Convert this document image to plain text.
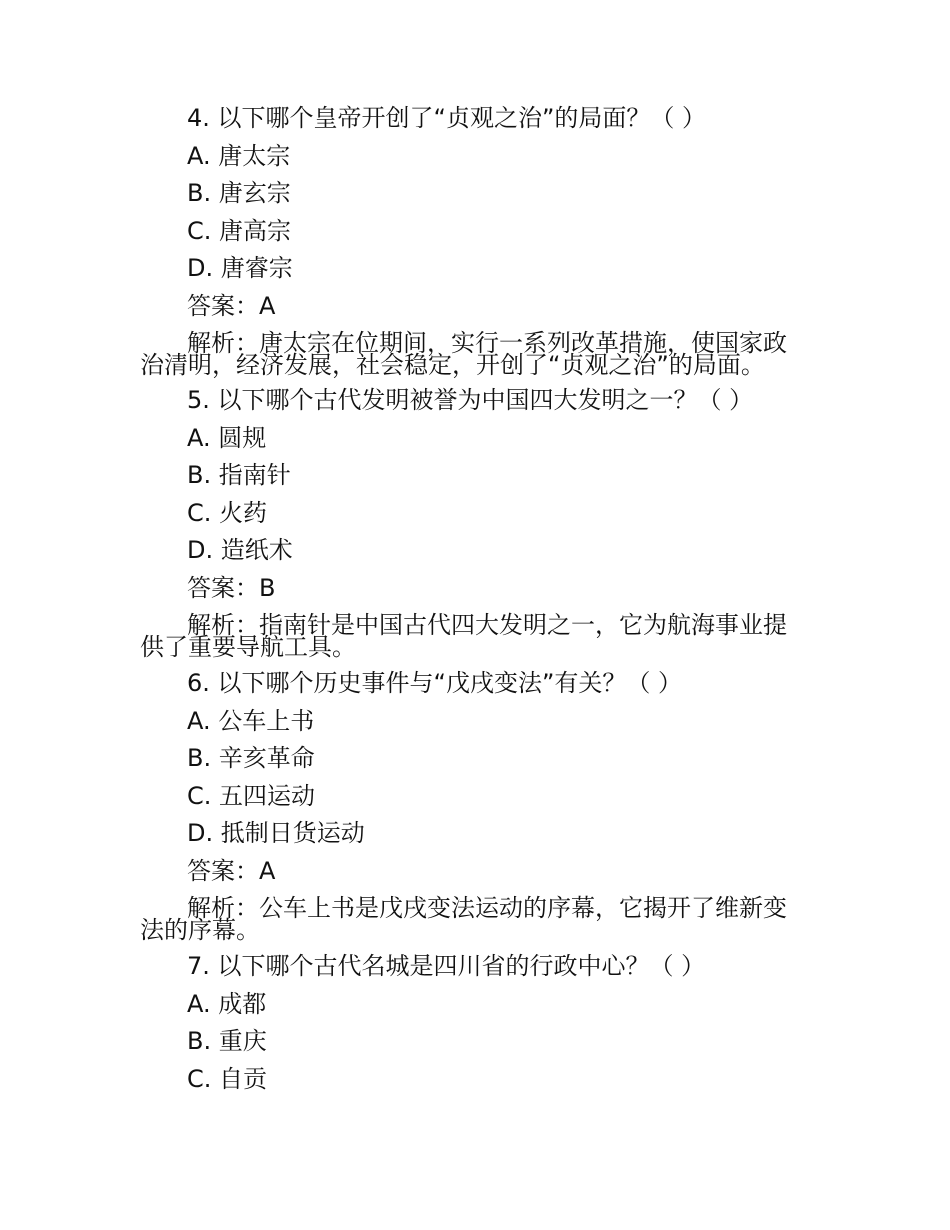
4. 以下哪个皇帝开创了“贞观之治”的局面？（ ）
A. 唐太宗
B. 唐玄宗
C. 唐高宗
D. 唐睿宗
答案：A
解析：唐太宗在位期间，实行一系列改革措施，使国家政
治清明，经济发展，社会稳定，开创了“贞观之治”的局面。
5. 以下哪个古代发明被誉为中国四大发明之一？（ ）
A. 圆规
B. 指南针
C. 火药
D. 造纸术
答案：B
解析：指南针是中国古代四大发明之一，它为航海事业提
供了重要导航工具。
6. 以下哪个历史事件与“戊戌变法”有关？（ ）
A. 公车上书
B. 辛亥革命
C. 五四运动
D. 抵制日货运动
答案：A
解析：公车上书是戊戌变法运动的序幕，它揭开了维新变
法的序幕。
7. 以下哪个古代名城是四川省的行政中心？（ ）
A. 成都
B. 重庆
C. 自贡
